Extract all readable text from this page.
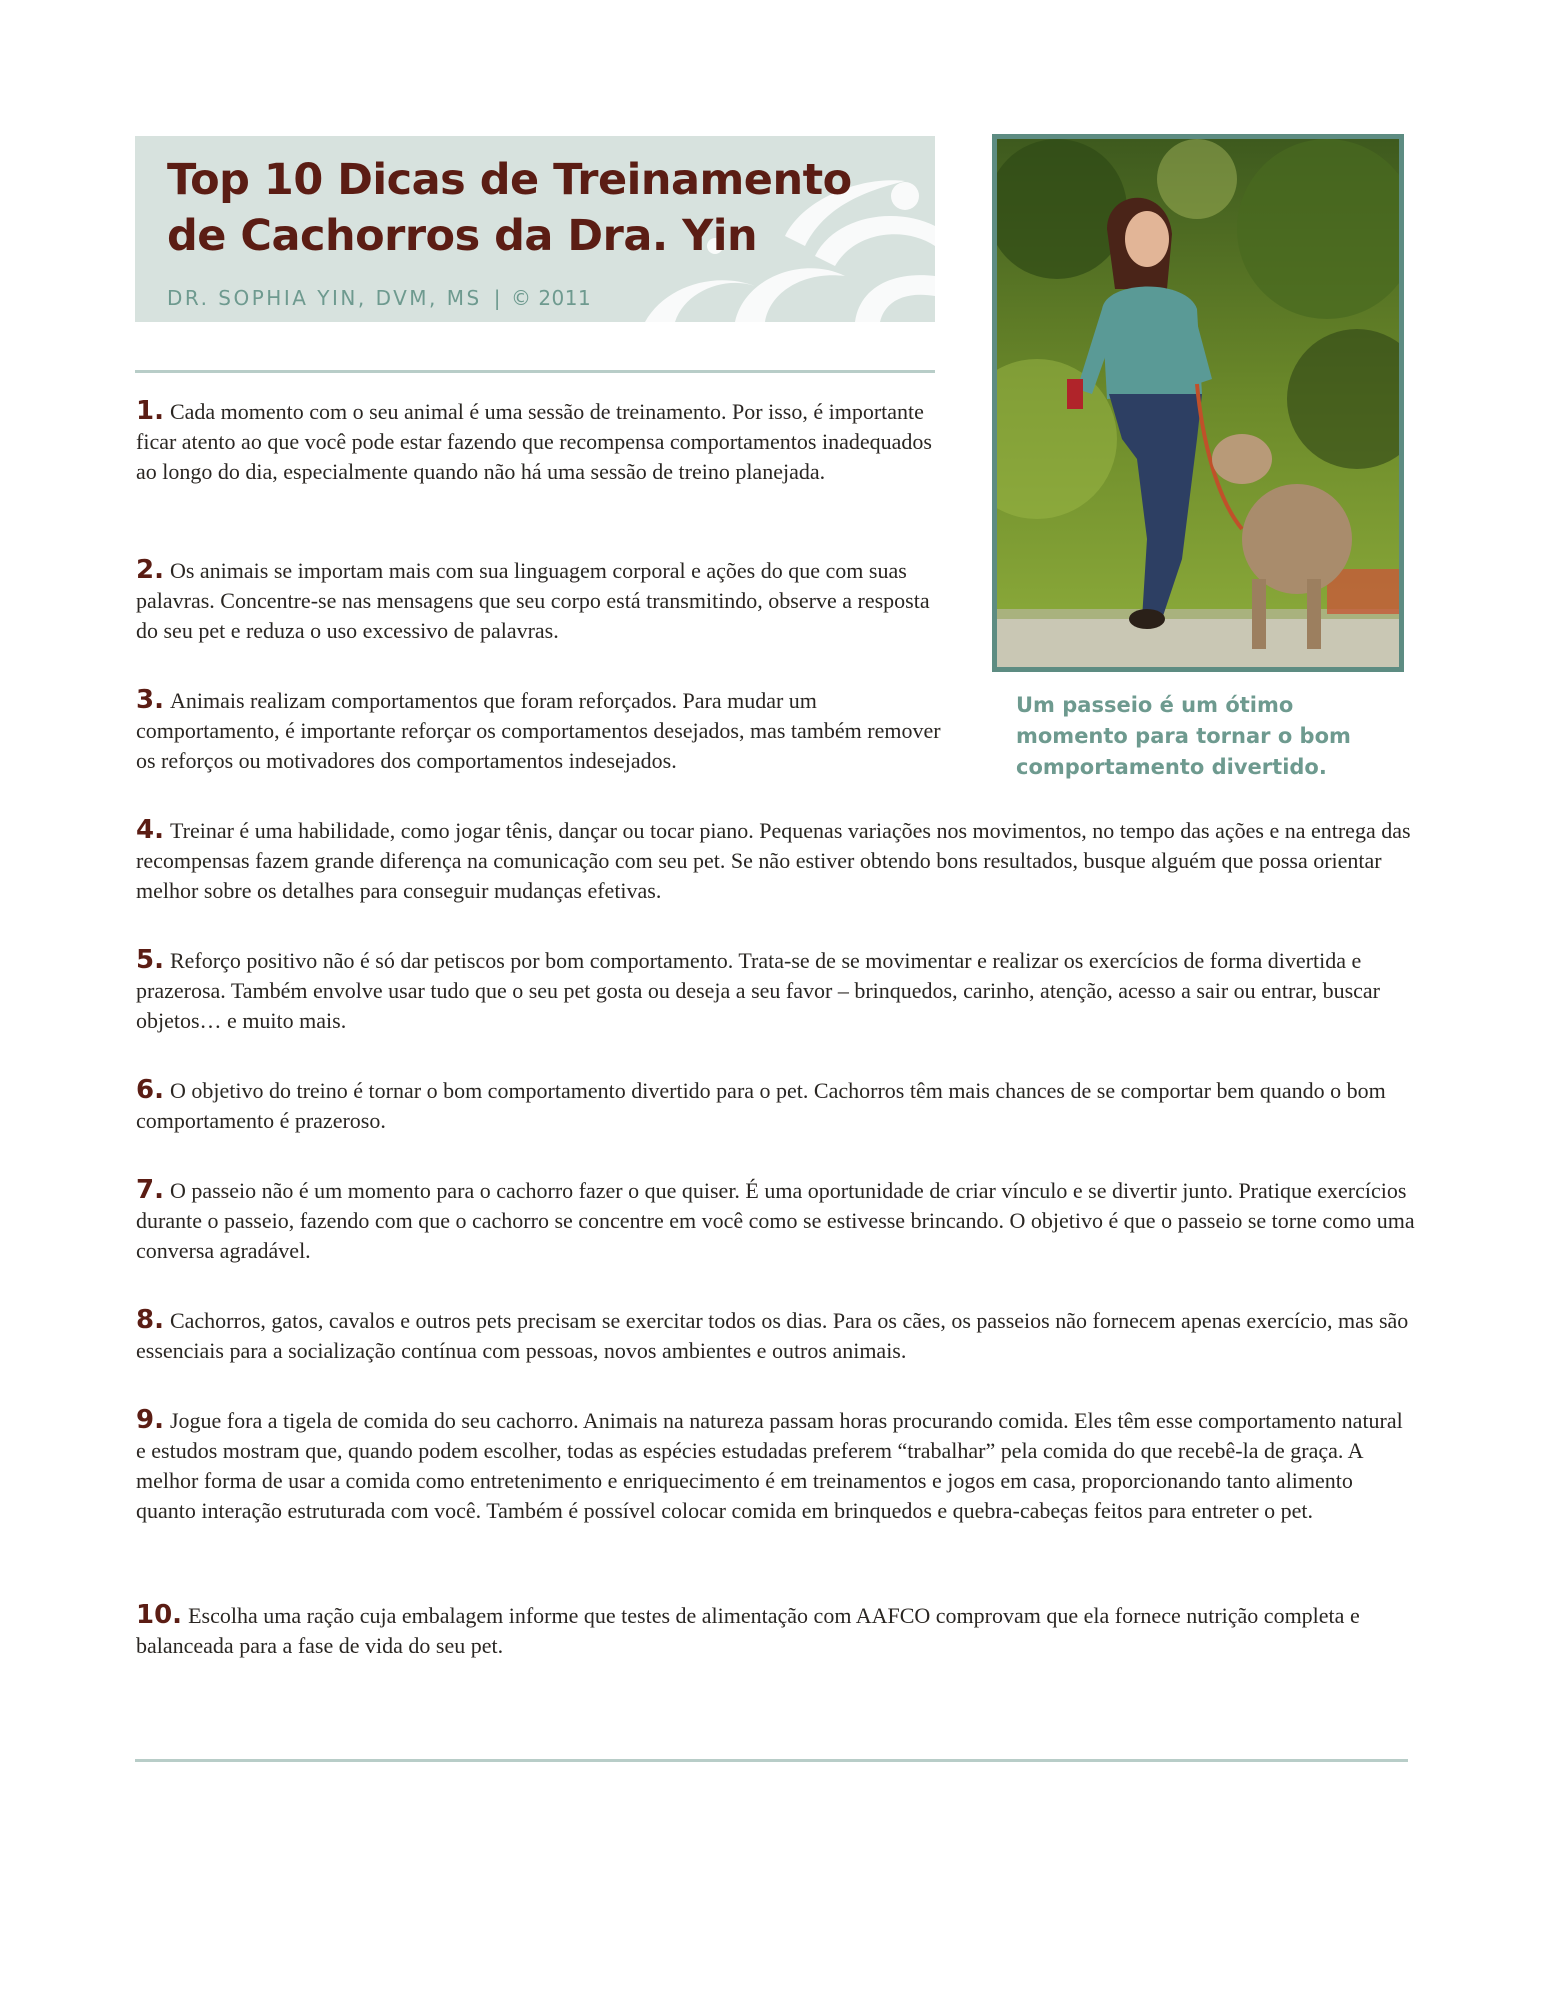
Top 10 Dicas de Treinamento de Cachorros da Dra. Yin
DR. SOPHIA YIN, DVM, MS | © 2011

Um passeio é um ótimo momento para tornar o bom comportamento divertido.

1. Cada momento com o seu animal é uma sessão de treinamento. Por isso, é importante ficar atento ao que você pode estar fazendo que recompensa comportamentos inadequados ao longo do dia, especialmente quando não há uma sessão de treino planejada.

2. Os animais se importam mais com sua linguagem corporal e ações do que com suas palavras. Concentre-se nas mensagens que seu corpo está transmitindo, observe a resposta do seu pet e reduza o uso excessivo de palavras.

3. Animais realizam comportamentos que foram reforçados. Para mudar um comportamento, é importante reforçar os comportamentos desejados, mas também remover os reforços ou motivadores dos comportamentos indesejados.

4. Treinar é uma habilidade, como jogar tênis, dançar ou tocar piano. Pequenas variações nos movimentos, no tempo das ações e na entrega das recompensas fazem grande diferença na comunicação com seu pet. Se não estiver obtendo bons resultados, busque alguém que possa orientar melhor sobre os detalhes para conseguir mudanças efetivas.

5. Reforço positivo não é só dar petiscos por bom comportamento. Trata-se de se movimentar e realizar os exercícios de forma divertida e prazerosa. Também envolve usar tudo que o seu pet gosta ou deseja a seu favor – brinquedos, carinho, atenção, acesso a sair ou entrar, buscar objetos… e muito mais.

6. O objetivo do treino é tornar o bom comportamento divertido para o pet. Cachorros têm mais chances de se comportar bem quando o bom comportamento é prazeroso.

7. O passeio não é um momento para o cachorro fazer o que quiser. É uma oportunidade de criar vínculo e se divertir junto. Pratique exercícios durante o passeio, fazendo com que o cachorro se concentre em você como se estivesse brincando. O objetivo é que o passeio se torne como uma conversa agradável.

8. Cachorros, gatos, cavalos e outros pets precisam se exercitar todos os dias. Para os cães, os passeios não fornecem apenas exercício, mas são essenciais para a socialização contínua com pessoas, novos ambientes e outros animais.

9. Jogue fora a tigela de comida do seu cachorro. Animais na natureza passam horas procurando comida. Eles têm esse comportamento natural e estudos mostram que, quando podem escolher, todas as espécies estudadas preferem “trabalhar” pela comida do que recebê-la de graça. A melhor forma de usar a comida como entretenimento e enriquecimento é em treinamentos e jogos em casa, proporcionando tanto alimento quanto interação estruturada com você. Também é possível colocar comida em brinquedos e quebra-cabeças feitos para entreter o pet.

10. Escolha uma ração cuja embalagem informe que testes de alimentação com AAFCO comprovam que ela fornece nutrição completa e balanceada para a fase de vida do seu pet.
